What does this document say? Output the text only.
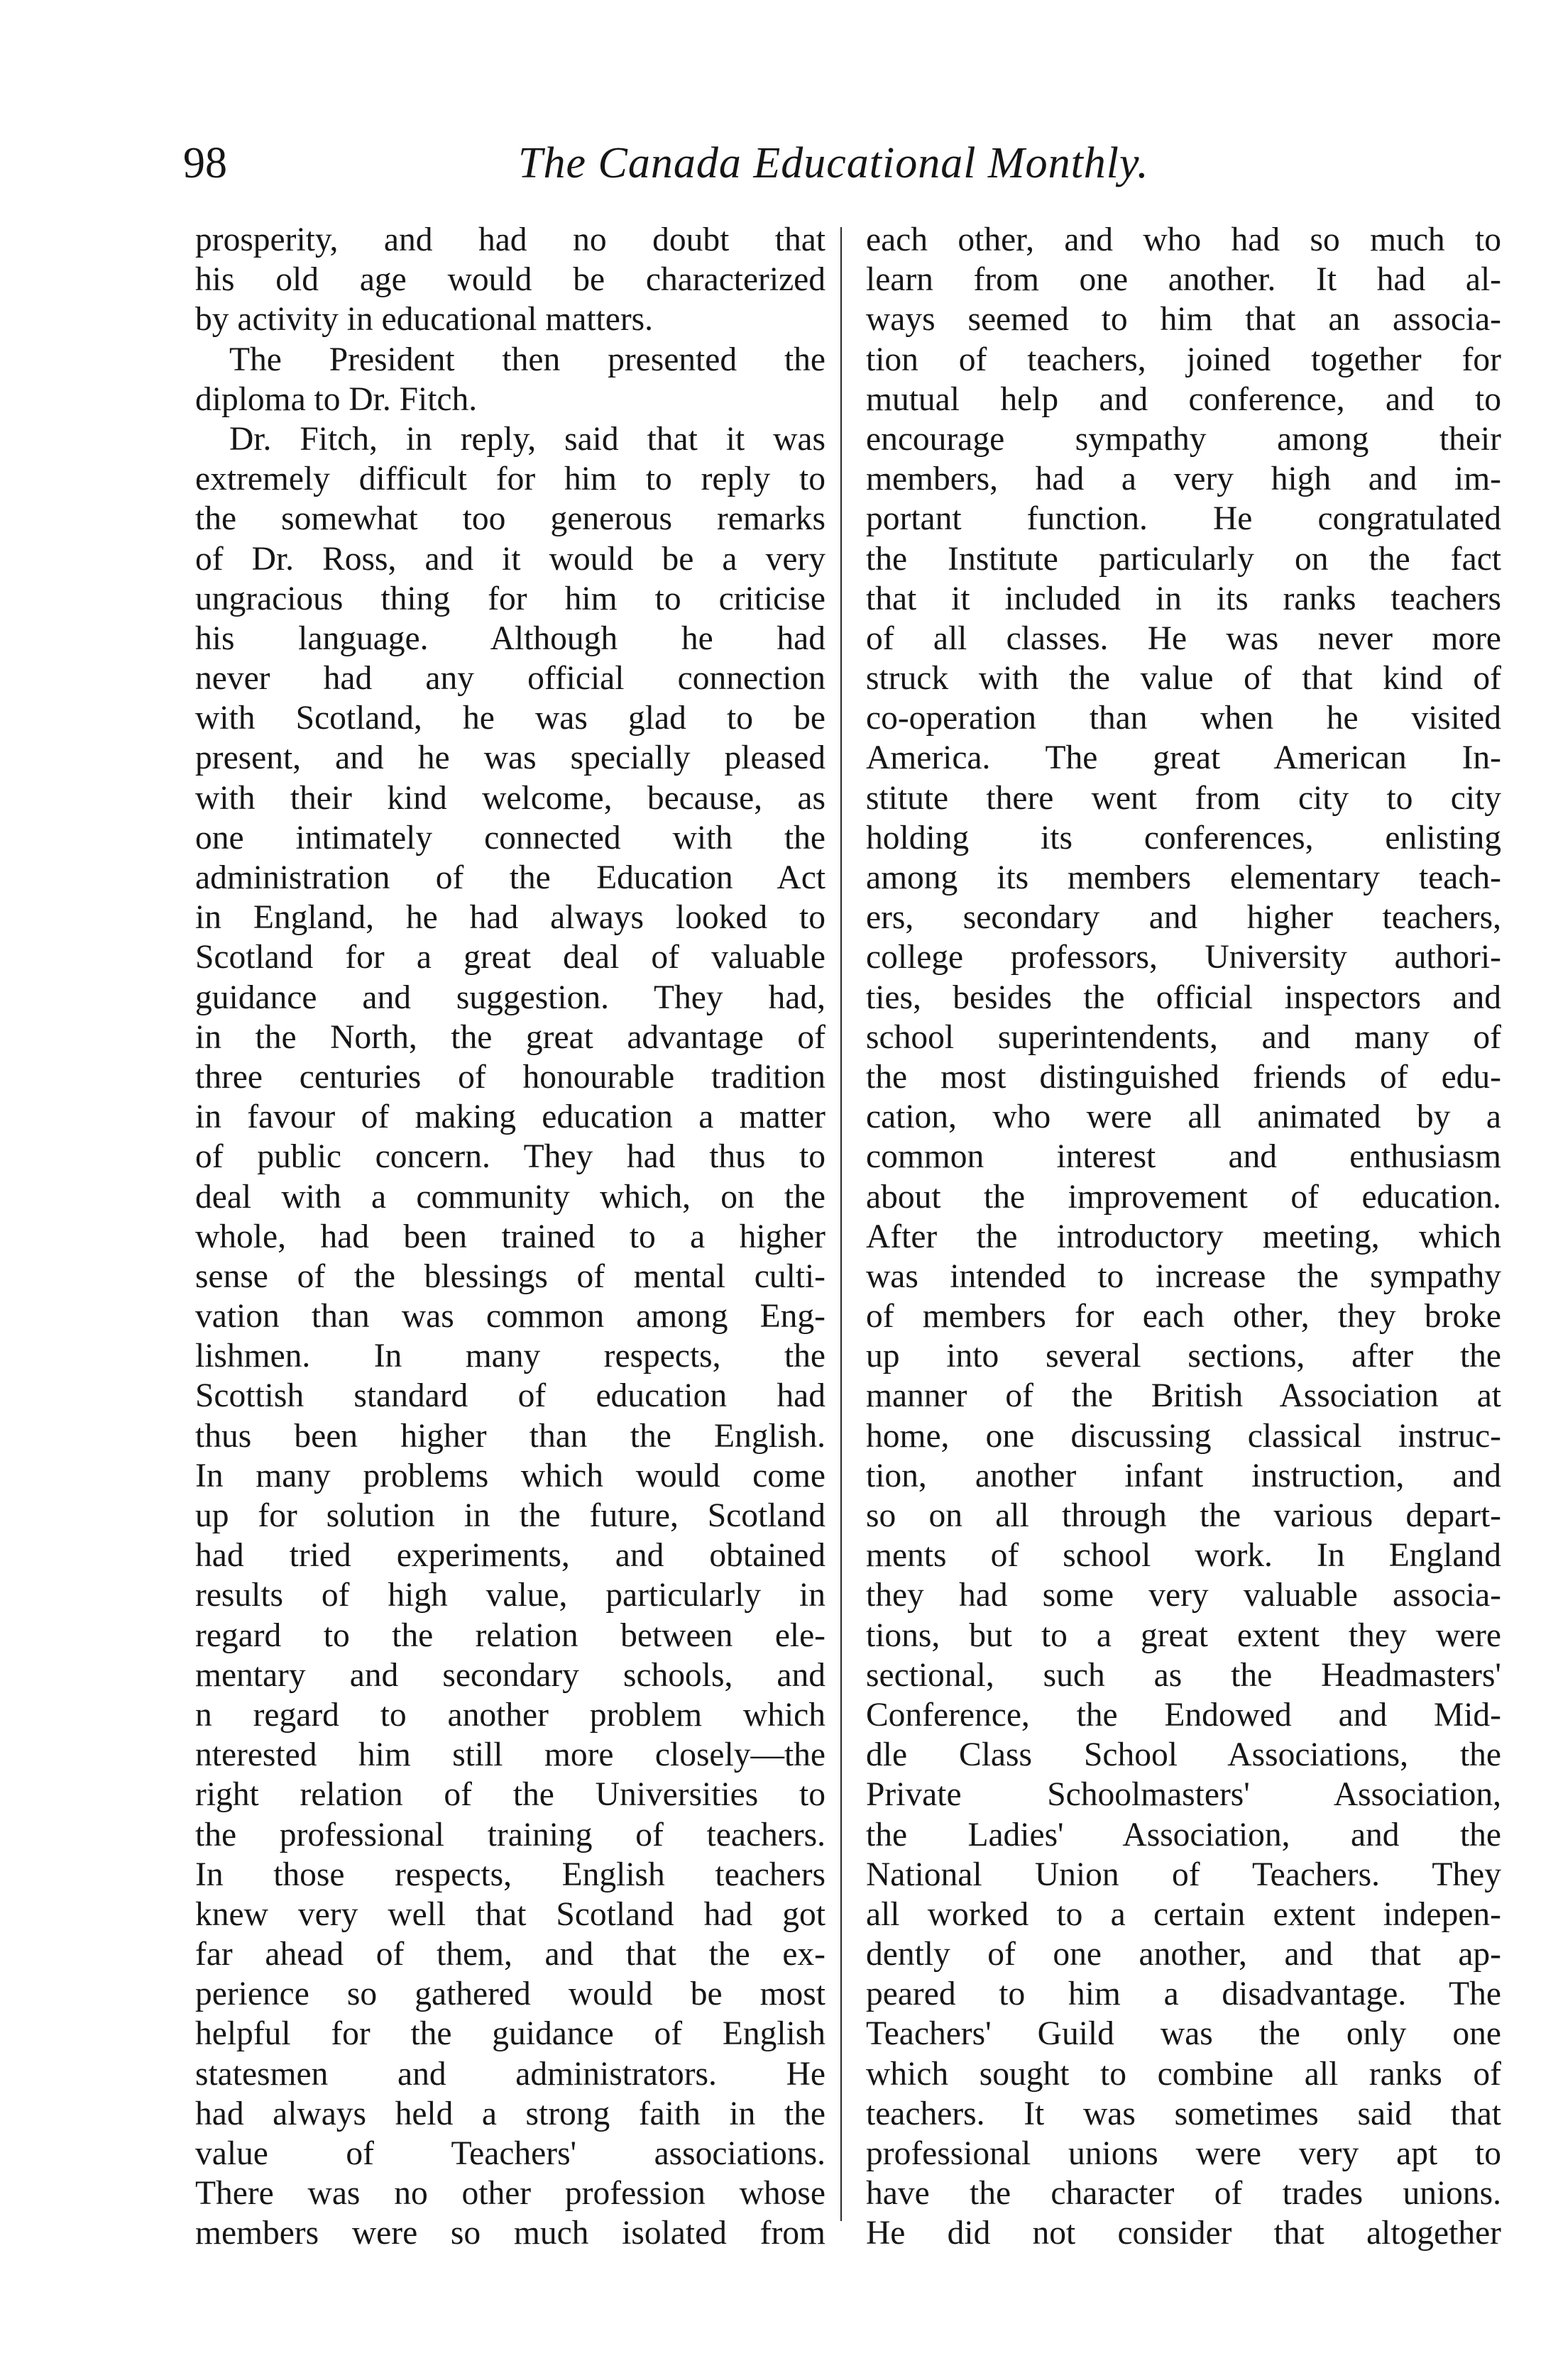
98	The Canada Educational Monthly.
prosperity, and had no doubt that
his old age would be characterized
by activity in educational matters.
The President then presented the
diploma to Dr. Fitch.
Dr. Fitch, in reply, said that it was
extremely difficult for him to reply to
the somewhat too generous remarks
of Dr. Ross, and it would be a very
ungracious thing for him to criticise
his language. Although he had
never had any official connection
with Scotland, he was glad to be
present, and he was specially pleased
with their kind welcome, because, as
one intimately connected with the
administration of the Education Act
in England, he had always looked to
Scotland for a great deal of valuable
guidance and suggestion. They had,
in the North, the great advantage of
three centuries of honourable tradition
in favour of making education a matter
of public concern. They had thus to
deal with a community which, on the
whole, had been trained to a higher
sense of the blessings of mental culti-
vation than was common among Eng-
lishmen. In many respects, the
Scottish standard of education had
thus been higher than the English.
In many problems which would come
up for solution in the future, Scotland
had tried experiments, and obtained
results of high value, particularly in
regard to the relation between ele-
mentary and secondary schools, and
n regard to another problem which
nterested him still more closely—the
right relation of the Universities to
the professional training of teachers.
In those respects, English teachers
knew very well that Scotland had got
far ahead of them, and that the ex-
perience so gathered would be most
helpful for the guidance of English
statesmen and administrators. He
had always held a strong faith in the
value of Teachers' associations.
There was no other profession whose
members were so much isolated from
each other, and who had so much to
learn from one another. It had al-
ways seemed to him that an associa-
tion of teachers, joined together for
mutual help and conference, and to
encourage sympathy among their
members, had a very high and im-
portant function. He congratulated
the Institute particularly on the fact
that it included in its ranks teachers
of all classes. He was never more
struck with the value of that kind of
co-operation than when he visited
America. The great American In-
stitute there went from city to city
holding its conferences, enlisting
among its members elementary teach-
ers, secondary and higher teachers,
college professors, University authori-
ties, besides the official inspectors and
school superintendents, and many of
the most distinguished friends of edu-
cation, who were all animated by a
common interest and enthusiasm
about the improvement of education.
After the introductory meeting, which
was intended to increase the sympathy
of members for each other, they broke
up into several sections, after the
manner of the British Association at
home, one discussing classical instruc-
tion, another infant instruction, and
so on all through the various depart-
ments of school work. In England
they had some very valuable associa-
tions, but to a great extent they were
sectional, such as the Headmasters'
Conference, the Endowed and Mid-
dle Class School Associations, the
Private Schoolmasters' Association,
the Ladies' Association, and the
National Union of Teachers. They
all worked to a certain extent indepen-
dently of one another, and that ap-
peared to him a disadvantage. The
Teachers' Guild was the only one
which sought to combine all ranks of
teachers. It was sometimes said that
professional unions were very apt to
have the character of trades unions.
He did not consider that altogether
